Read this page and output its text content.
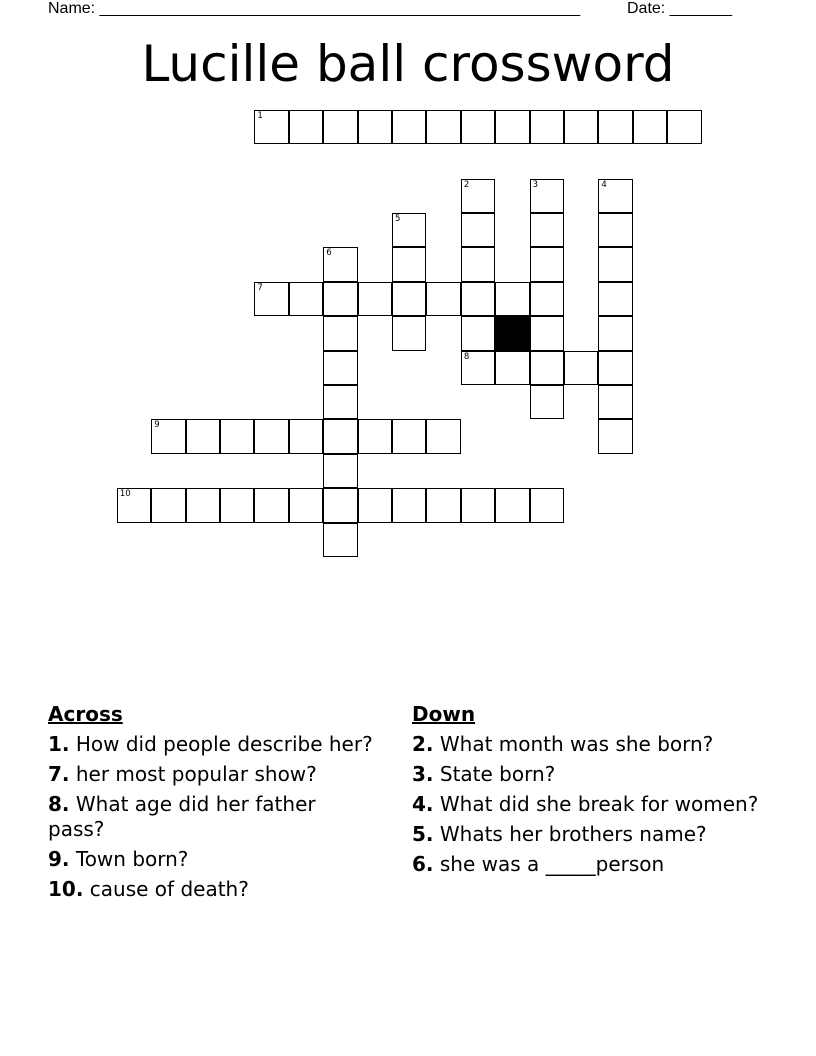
Name: ______________________________________________________	Date: _______
Lucille ball crossword
1
2	3	4
5
6
7
8
9
10
Across
1. How did people describe her?
7. her most popular show?
8. What age did her father pass?
9. Town born?
10. cause of death?
Down
2. What month was she born?
3. State born?
4. What did she break for women?
5. Whats her brothers name?
6. she was a _____person
